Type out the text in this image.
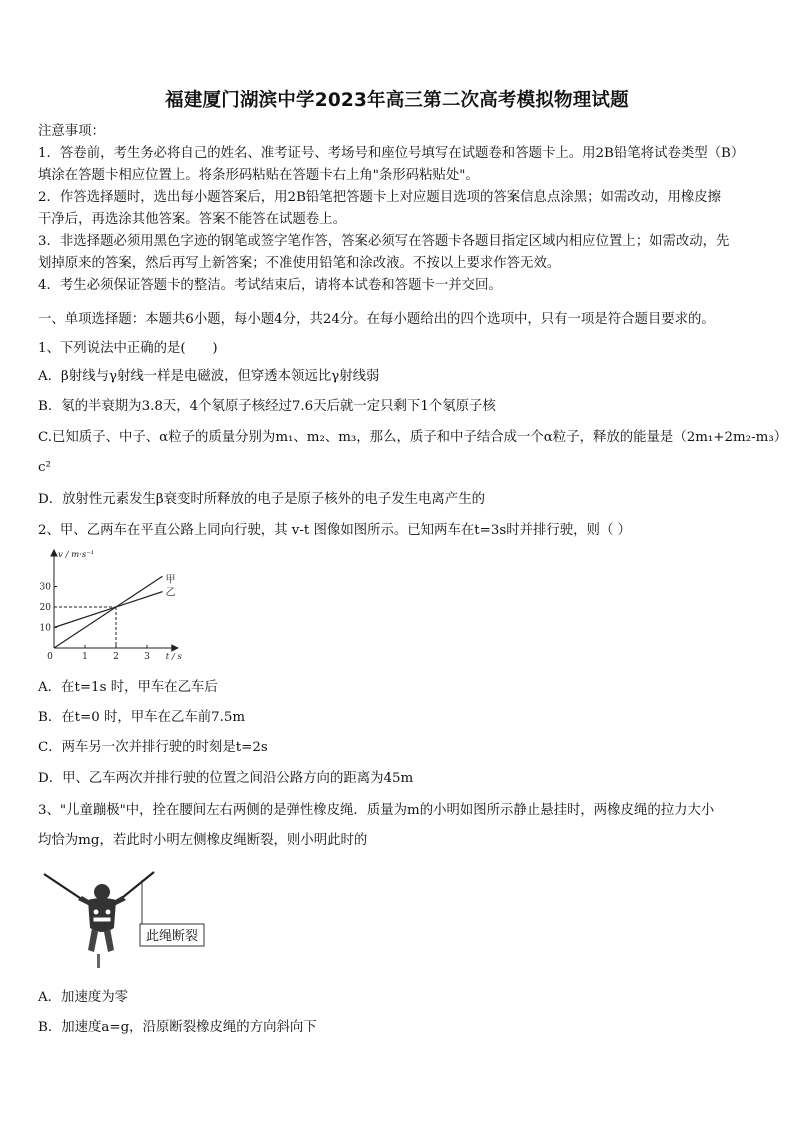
福建厦门湖滨中学2023年高三第二次高考模拟物理试题
注意事项：
1．答卷前，考生务必将自己的姓名、准考证号、考场号和座位号填写在试题卷和答题卡上。用2B铅笔将试卷类型（B）
填涂在答题卡相应位置上。将条形码粘贴在答题卡右上角"条形码粘贴处"。
2．作答选择题时，选出每小题答案后，用2B铅笔把答题卡上对应题目选项的答案信息点涂黑；如需改动，用橡皮擦
干净后，再选涂其他答案。答案不能答在试题卷上。
3．非选择题必须用黑色字迹的钢笔或签字笔作答，答案必须写在答题卡各题目指定区域内相应位置上；如需改动，先
划掉原来的答案，然后再写上新答案；不准使用铅笔和涂改液。不按以上要求作答无效。
4．考生必须保证答题卡的整洁。考试结束后，请将本试卷和答题卡一并交回。
一、单项选择题：本题共6小题，每小题4分，共24分。在每小题给出的四个选项中，只有一项是符合题目要求的。
1、下列说法中正确的是(　　)
A．β射线与γ射线一样是电磁波，但穿透本领远比γ射线弱
B．氡的半衰期为3.8天，4个氡原子核经过7.6天后就一定只剩下1个氡原子核
C.已知质子、中子、α粒子的质量分别为m₁、m₂、m₃，那么，质子和中子结合成一个α粒子，释放的能量是（2m₁+2m₂-m₃）
c²
D．放射性元素发生β衰变时所释放的电子是原子核外的电子发生电离产生的
2、甲、乙两车在平直公路上同向行驶，其 v-t 图像如图所示。已知两车在t=3s时并排行驶，则（ ）
0	1	2	3
10
20
30
v / m·s⁻¹
t / s
甲
乙
A．在t=1s 时，甲车在乙车后
B．在t=0 时，甲车在乙车前7.5m
C．两车另一次并排行驶的时刻是t=2s
D．甲、乙车两次并排行驶的位置之间沿公路方向的距离为45m
3、"儿童蹦极"中，拴在腰间左右两侧的是弹性橡皮绳．质量为m的小明如图所示静止悬挂时，两橡皮绳的拉力大小
均恰为mg，若此时小明左侧橡皮绳断裂，则小明此时的
此绳断裂
A．加速度为零
B．加速度a=g，沿原断裂橡皮绳的方向斜向下
